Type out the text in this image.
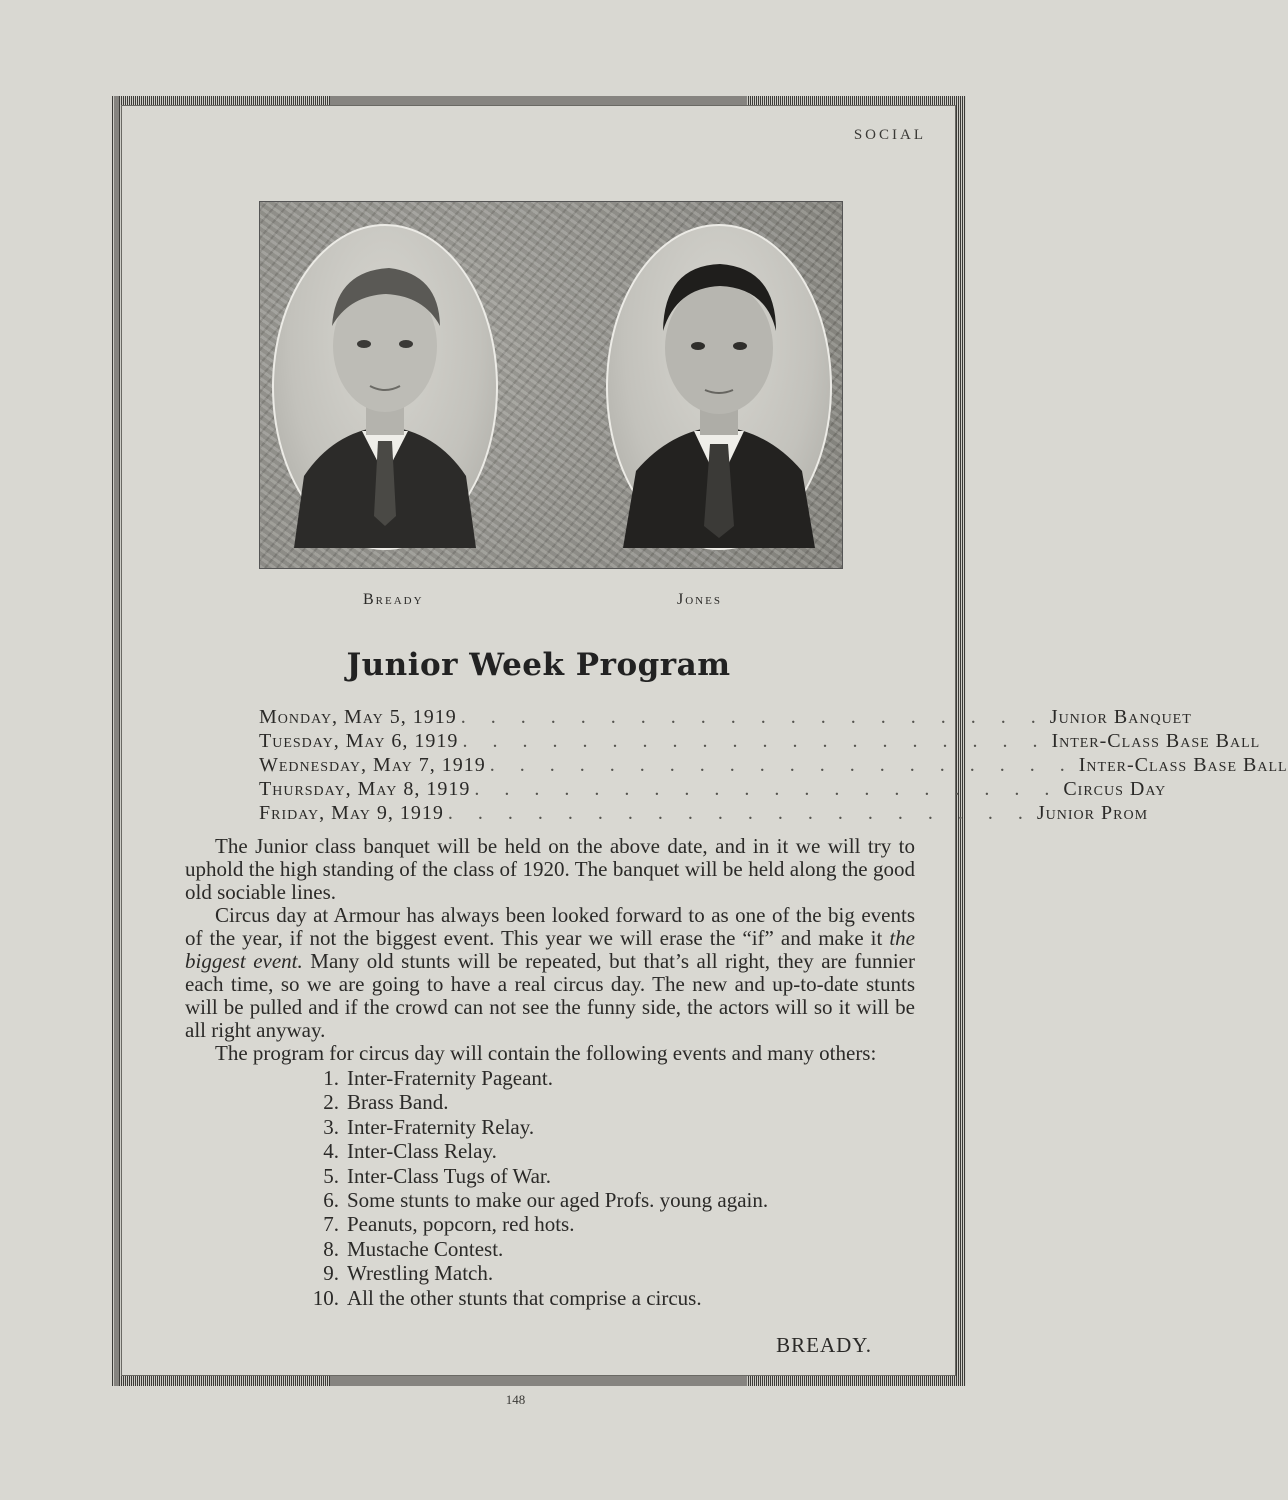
SOCIAL
Bready	Jones
Junior Week Program
Monday, May 5, 1919 . . . . . . . . . . . . . . . . . . . . Junior Banquet
Tuesday, May 6, 1919 . . . . . . . . . . . . . . . . . . . . Inter-Class Base Ball
Wednesday, May 7, 1919 . . . . . . . . . . . . . . . . . . . . Inter-Class Base Ball
Thursday, May 8, 1919 . . . . . . . . . . . . . . . . . . . . Circus Day
Friday, May 9, 1919 . . . . . . . . . . . . . . . . . . . . Junior Prom

The Junior class banquet will be held on the above date, and in it we will try to uphold the high standing of the class of 1920. The banquet will be held along the good old sociable lines.

Circus day at Armour has always been looked forward to as one of the big events of the year, if not the biggest event. This year we will erase the “if” and make it the biggest event. Many old stunts will be repeated, but that’s all right, they are funnier each time, so we are going to have a real circus day. The new and up-to-date stunts will be pulled and if the crowd can not see the funny side, the actors will so it will be all right anyway.

The program for circus day will contain the following events and many others:

1. Inter-Fraternity Pageant.
2. Brass Band.
3. Inter-Fraternity Relay.
4. Inter-Class Relay.
5. Inter-Class Tugs of War.
6. Some stunts to make our aged Profs. young again.
7. Peanuts, popcorn, red hots.
8. Mustache Contest.
9. Wrestling Match.
10. All the other stunts that comprise a circus.
BREADY.
148
